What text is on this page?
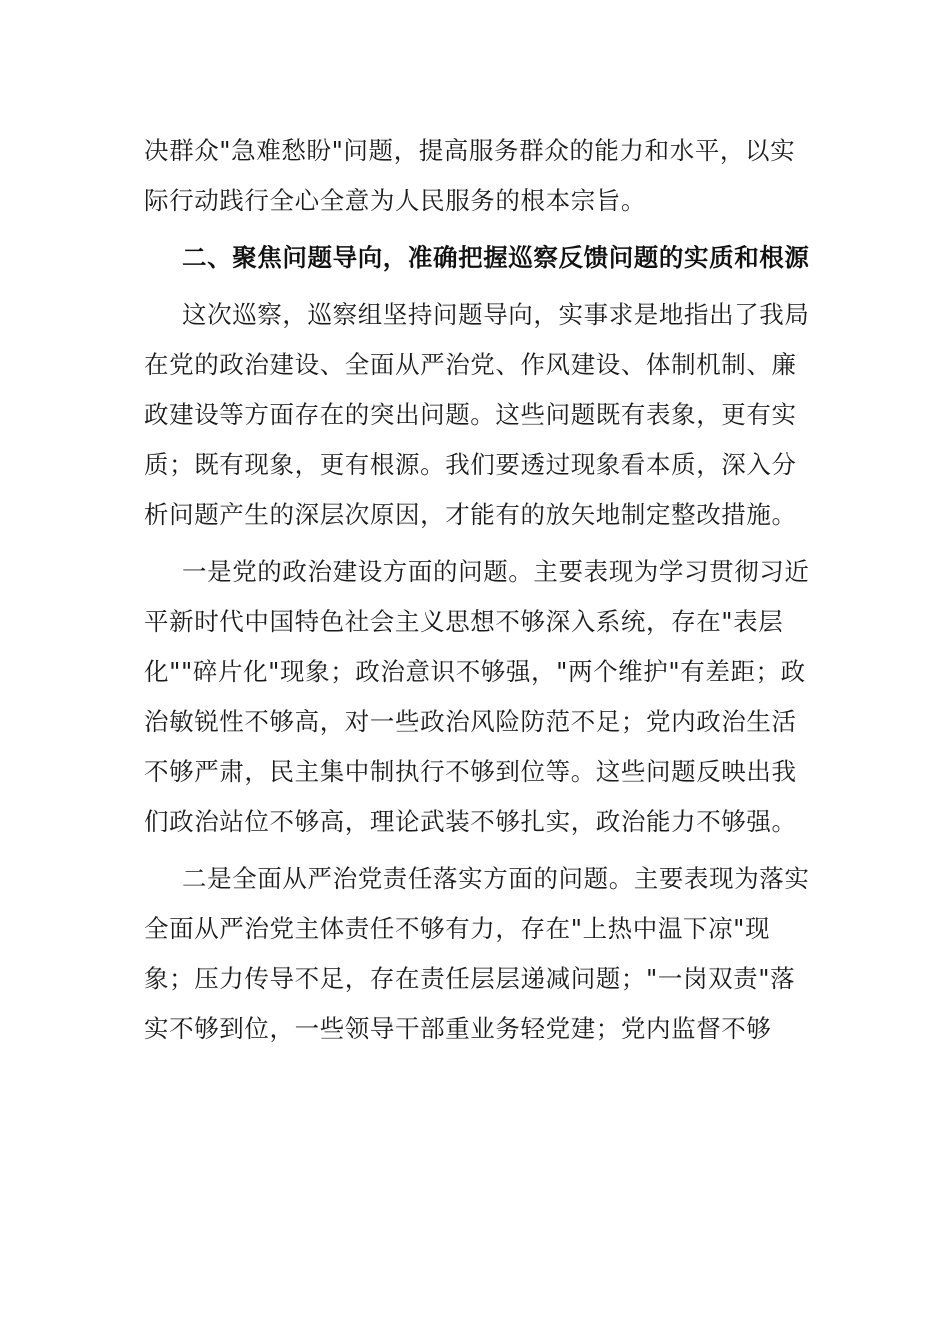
决群众"急难愁盼"问题，提高服务群众的能力和水平，以实际行动践行全心全意为人民服务的根本宗旨。

二、聚焦问题导向，准确把握巡察反馈问题的实质和根源

这次巡察，巡察组坚持问题导向，实事求是地指出了我局在党的政治建设、全面从严治党、作风建设、体制机制、廉政建设等方面存在的突出问题。这些问题既有表象，更有实质；既有现象，更有根源。我们要透过现象看本质，深入分析问题产生的深层次原因，才能有的放矢地制定整改措施。

一是党的政治建设方面的问题。主要表现为学习贯彻习近平新时代中国特色社会主义思想不够深入系统，存在"表层化""碎片化"现象；政治意识不够强，"两个维护"有差距；政治敏锐性不够高，对一些政治风险防范不足；党内政治生活不够严肃，民主集中制执行不够到位等。这些问题反映出我们政治站位不够高，理论武装不够扎实，政治能力不够强。

二是全面从严治党责任落实方面的问题。主要表现为落实全面从严治党主体责任不够有力，存在"上热中温下凉"现象；压力传导不足，存在责任层层递减问题；"一岗双责"落实不够到位，一些领导干部重业务轻党建；党内监督不够
